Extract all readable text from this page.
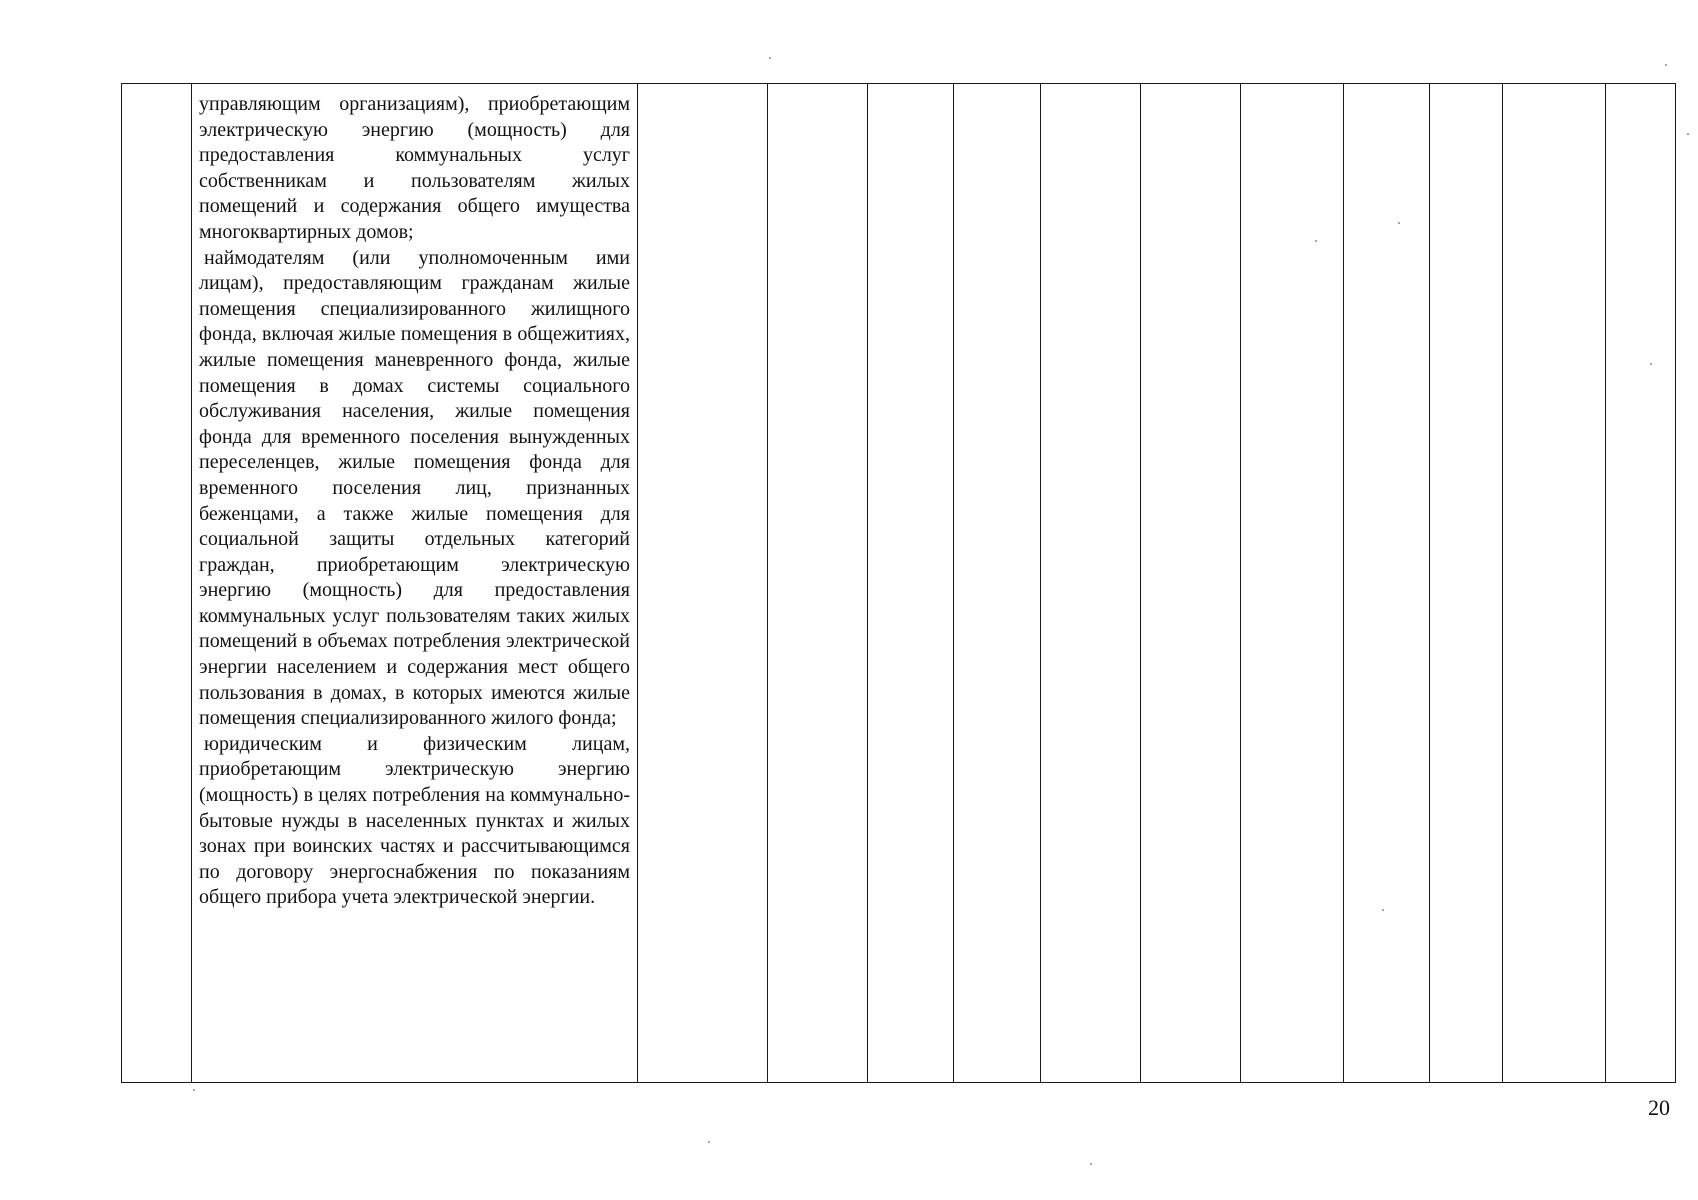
управляющим организациям), приобретающим электрическую энергию (мощность) для предоставления коммунальных услуг собственникам и пользователям жилых помещений и содержания общего имущества многоквартирных домов;

наймодателям (или уполномоченным ими лицам), предоставляющим гражданам жилые помещения специализированного жилищного фонда, включая жилые помещения в общежитиях, жилые помещения маневренного фонда, жилые помещения в домах системы социального обслуживания населения, жилые помещения фонда для временного поселения вынужденных переселенцев, жилые помещения фонда для временного поселения лиц, признанных беженцами, а также жилые помещения для социальной защиты отдельных категорий граждан, приобретающим электрическую энергию (мощность) для предоставления коммунальных услуг пользователям таких жилых помещений в объемах потребления электрической энергии населением и содержания мест общего пользования в домах, в которых имеются жилые помещения специализированного жилого фонда;

юридическим и физическим лицам, приобретающим электрическую энергию (мощность) в целях потребления на коммунально-бытовые нужды в населенных пунктах и жилых зонах при воинских частях и рассчитывающимся по договору энергоснабжения по показаниям общего прибора учета электрической энергии.

20
